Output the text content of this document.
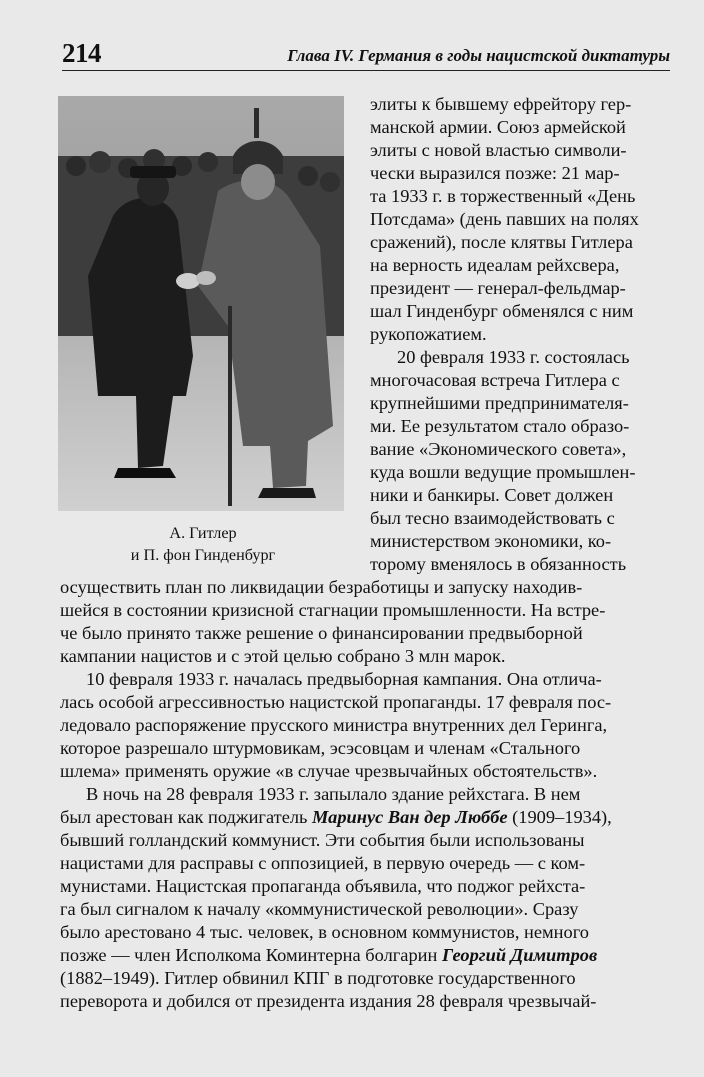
214	Глава IV. Германия в годы нацистской диктатуры
А. Гитлер
и П. фон Гинденбург
элиты к бывшему ефрейтору гер-
манской армии. Союз армейской
элиты с новой властью символи-
чески выразился позже: 21 мар-
та 1933 г. в торжественный «День
Потсдама» (день павших на полях
сражений), после клятвы Гитлера
на верность идеалам рейхсвера,
президент — генерал-фельдмар-
шал Гинденбург обменялся с ним
рукопожатием.
20 февраля 1933 г. состоялась
многочасовая встреча Гитлера с
крупнейшими предпринимателя-
ми. Ее результатом стало образо-
вание «Экономического совета»,
куда вошли ведущие промышлен-
ники и банкиры. Совет должен
был тесно взаимодействовать с
министерством экономики, ко-
торому вменялось в обязанность
осуществить план по ликвидации безработицы и запуску находив-
шейся в состоянии кризисной стагнации промышленности. На встре-
че было принято также решение о финансировании предвыборной
кампании нацистов и с этой целью собрано 3 млн марок.
10 февраля 1933 г. началась предвыборная кампания. Она отлича-
лась особой агрессивностью нацистской пропаганды. 17 февраля пос-
ледовало распоряжение прусского министра внутренних дел Геринга,
которое разрешало штурмовикам, эсэсовцам и членам «Стального
шлема» применять оружие «в случае чрезвычайных обстоятельств».
В ночь на 28 февраля 1933 г. запылало здание рейхстага. В нем
был арестован как поджигатель Маринус Ван дер Люббе (1909–1934),
бывший голландский коммунист. Эти события были использованы
нацистами для расправы с оппозицией, в первую очередь — с ком-
мунистами. Нацистская пропаганда объявила, что поджог рейхста-
га был сигналом к началу «коммунистической революции». Сразу
было арестовано 4 тыс. человек, в основном коммунистов, немного
позже — член Исполкома Коминтерна болгарин Георгий Димитров
(1882–1949). Гитлер обвинил КПГ в подготовке государственного
переворота и добился от президента издания 28 февраля чрезвычай-
